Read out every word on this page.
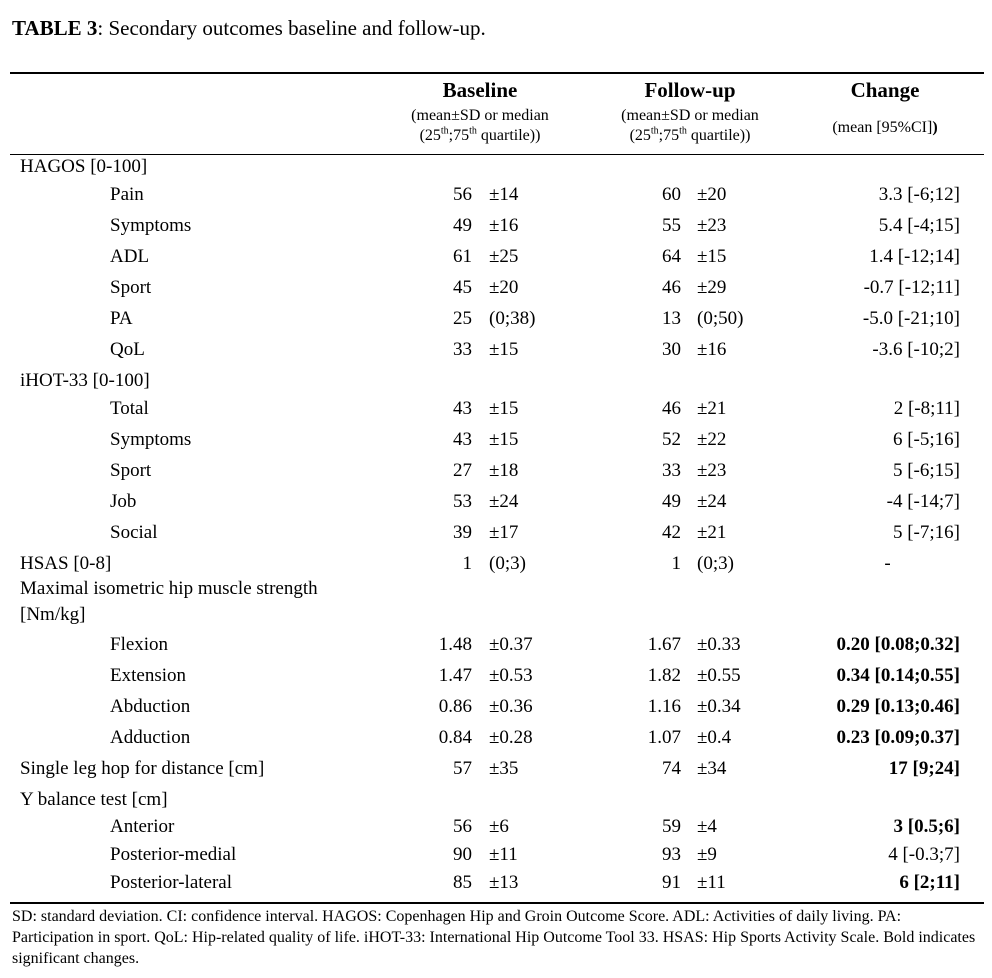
TABLE 3: Secondary outcomes baseline and follow-up.
Baseline
(mean±SD or median
(25th;75th quartile))
Follow-up
(mean±SD or median
(25th;75th quartile))
Change
(mean [95%CI])
HAGOS [0-100]
Pain	56 ±14	60 ±20	3.3 [-6;12]
Symptoms	49 ±16	55 ±23	5.4 [-4;15]
ADL	61 ±25	64 ±15	1.4 [-12;14]
Sport	45 ±20	46 ±29	-0.7 [-12;11]
PA	25 (0;38)	13 (0;50)	-5.0 [-21;10]
QoL	33 ±15	30 ±16	-3.6 [-10;2]
iHOT-33 [0-100]
Total	43 ±15	46 ±21	2 [-8;11]
Symptoms	43 ±15	52 ±22	6 [-5;16]
Sport	27 ±18	33 ±23	5 [-6;15]
Job	53 ±24	49 ±24	-4 [-14;7]
Social	39 ±17	42 ±21	5 [-7;16]
HSAS [0-8]	1 (0;3)	1 (0;3)	-
Maximal isometric hip muscle strength
[Nm/kg]
Flexion	1.48 ±0.37	1.67 ±0.33	0.20 [0.08;0.32]
Extension	1.47 ±0.53	1.82 ±0.55	0.34 [0.14;0.55]
Abduction	0.86 ±0.36	1.16 ±0.34	0.29 [0.13;0.46]
Adduction	0.84 ±0.28	1.07 ±0.4	0.23 [0.09;0.37]
Single leg hop for distance [cm]	57 ±35	74 ±34	17 [9;24]
Y balance test [cm]
Anterior	56 ±6	59 ±4	3 [0.5;6]
Posterior-medial	90 ±11	93 ±9	4 [-0.3;7]
Posterior-lateral	85 ±13	91 ±11	6 [2;11]
SD: standard deviation. CI: confidence interval. HAGOS: Copenhagen Hip and Groin Outcome Score. ADL: Activities of daily living. PA: Participation in sport. QoL: Hip-related quality of life. iHOT-33: International Hip Outcome Tool 33. HSAS: Hip Sports Activity Scale. Bold indicates significant changes.
